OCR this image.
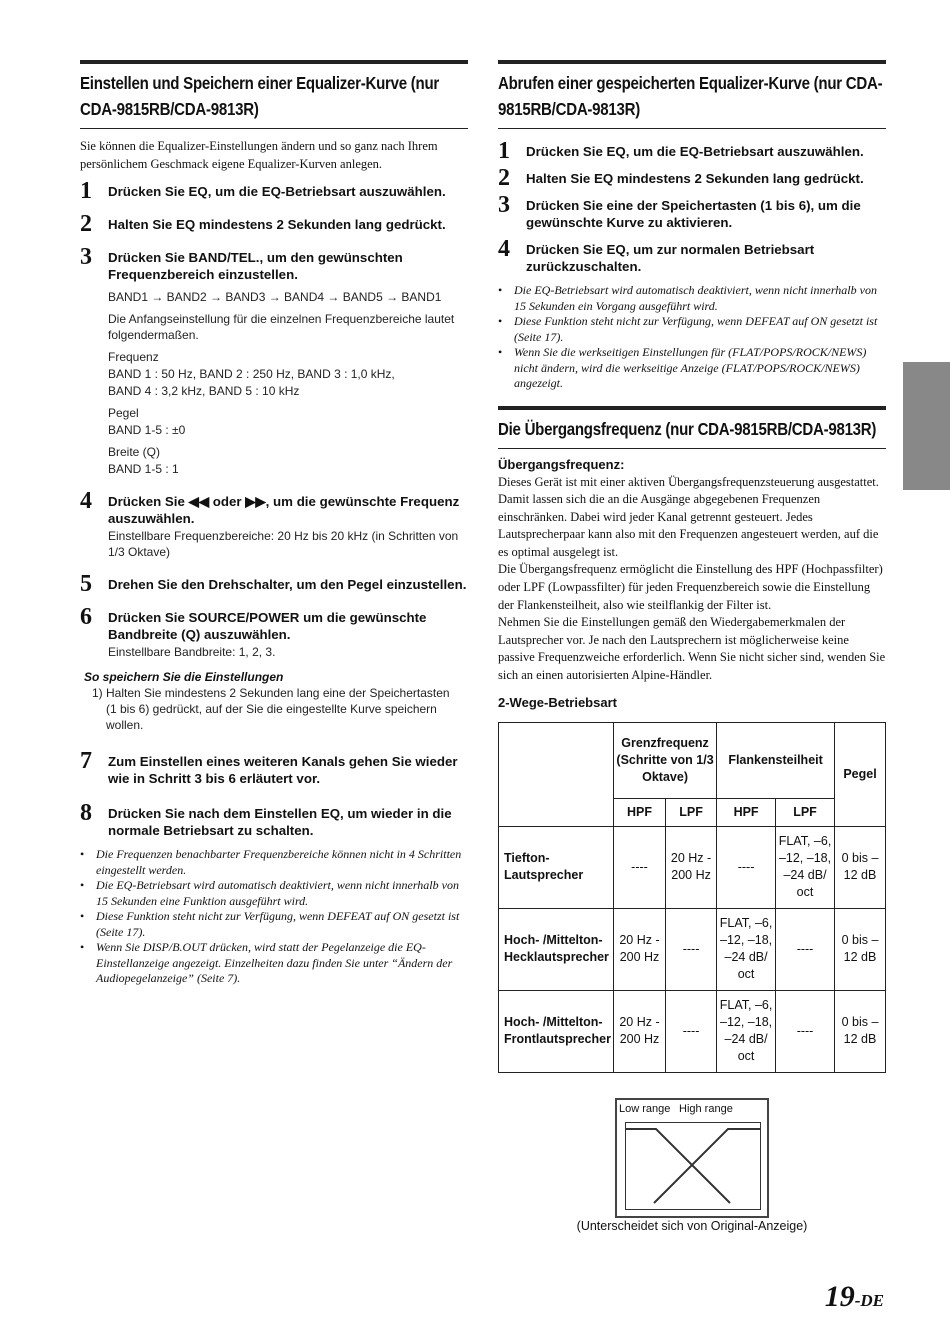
Einstellen und Speichern einer Equalizer-Kurve (nur CDA-9815RB/CDA-9813R)
Sie können die Equalizer-Einstellungen ändern und so ganz nach Ihrem persönlichem Geschmack eigene Equalizer-Kurven anlegen.
1 Drücken Sie EQ, um die EQ-Betriebsart auszuwählen.
2 Halten Sie EQ mindestens 2 Sekunden lang gedrückt.
3 Drücken Sie BAND/TEL., um den gewünschten Frequenzbereich einzustellen.
BAND1 → BAND2 → BAND3 → BAND4 → BAND5 → BAND1
Die Anfangseinstellung für die einzelnen Frequenzbereiche lautet folgendermaßen.
Frequenz
BAND 1 : 50 Hz, BAND 2 : 250 Hz, BAND 3 : 1,0 kHz,
BAND 4 : 3,2 kHz, BAND 5 : 10 kHz
Pegel
BAND 1-5 : ±0
Breite (Q)
BAND 1-5 : 1
4 Drücken Sie ◀◀ oder ▶▶, um die gewünschte Frequenz auszuwählen.
Einstellbare Frequenzbereiche: 20 Hz bis 20 kHz (in Schritten von 1/3 Oktave)
5 Drehen Sie den Drehschalter, um den Pegel einzustellen.
6 Drücken Sie SOURCE/POWER um die gewünschte Bandbreite (Q) auszuwählen.
Einstellbare Bandbreite: 1, 2, 3.
So speichern Sie die Einstellungen
1) Halten Sie mindestens 2 Sekunden lang eine der Speichertasten (1 bis 6) gedrückt, auf der Sie die eingestellte Kurve speichern wollen.
7 Zum Einstellen eines weiteren Kanals gehen Sie wieder wie in Schritt 3 bis 6 erläutert vor.
8 Drücken Sie nach dem Einstellen EQ, um wieder in die normale Betriebsart zu schalten.
• Die Frequenzen benachbarter Frequenzbereiche können nicht in 4 Schritten eingestellt werden.
• Die EQ-Betriebsart wird automatisch deaktiviert, wenn nicht innerhalb von 15 Sekunden eine Funktion ausgeführt wird.
• Diese Funktion steht nicht zur Verfügung, wenn DEFEAT auf ON gesetzt ist (Seite 17).
• Wenn Sie DISP/B.OUT drücken, wird statt der Pegelanzeige die EQ-Einstellanzeige angezeigt. Einzelheiten dazu finden Sie unter “Ändern der Audiopegelanzeige” (Seite 7).
Abrufen einer gespeicherten Equalizer-Kurve (nur CDA-9815RB/CDA-9813R)
1 Drücken Sie EQ, um die EQ-Betriebsart auszuwählen.
2 Halten Sie EQ mindestens 2 Sekunden lang gedrückt.
3 Drücken Sie eine der Speichertasten (1 bis 6), um die gewünschte Kurve zu aktivieren.
4 Drücken Sie EQ, um zur normalen Betriebsart zurückzuschalten.
• Die EQ-Betriebsart wird automatisch deaktiviert, wenn nicht innerhalb von 15 Sekunden ein Vorgang ausgeführt wird.
• Diese Funktion steht nicht zur Verfügung, wenn DEFEAT auf ON gesetzt ist (Seite 17).
• Wenn Sie die werkseitigen Einstellungen für (FLAT/POPS/ROCK/NEWS) nicht ändern, wird die werkseitige Anzeige (FLAT/POPS/ROCK/NEWS) angezeigt.
Die Übergangsfrequenz (nur CDA-9815RB/CDA-9813R)
Übergangsfrequenz:
Dieses Gerät ist mit einer aktiven Übergangsfrequenzsteuerung ausgestattet. Damit lassen sich die an die Ausgänge abgegebenen Frequenzen einschränken. Dabei wird jeder Kanal getrennt gesteuert. Jedes Lautsprecherpaar kann also mit den Frequenzen angesteuert werden, auf die es optimal ausgelegt ist.
Die Übergangsfrequenz ermöglicht die Einstellung des HPF (Hochpassfilter) oder LPF (Lowpassfilter) für jeden Frequenzbereich sowie die Einstellung der Flankensteilheit, also wie steilflankig der Filter ist.
Nehmen Sie die Einstellungen gemäß den Wiedergabemerkmalen der Lautsprecher vor. Je nach den Lautsprechern ist möglicherweise keine passive Frequenzweiche erforderlich. Wenn Sie nicht sicher sind, wenden Sie sich an einen autorisierten Alpine-Händler.
2-Wege-Betriebsart
	Grenzfrequenz (Schritte von 1/3 Oktave)		Flankensteilheit		Pegel
	HPF	LPF	HPF	LPF	
Tiefton-Lautsprecher	----	20 Hz - 200 Hz	----	FLAT, –6, –12, –18, –24 dB/ oct	0 bis –12 dB
Hoch- /Mittelton-Hecklautsprecher	20 Hz - 200 Hz	----	FLAT, –6, –12, –18, –24 dB/ oct	----	0 bis –12 dB
Hoch- /Mittelton-Frontlautsprecher	20 Hz - 200 Hz	----	FLAT, –6, –12, –18, –24 dB/ oct	----	0 bis –12 dB
Low range High range
(Unterscheidet sich von Original-Anzeige)
19-DE
